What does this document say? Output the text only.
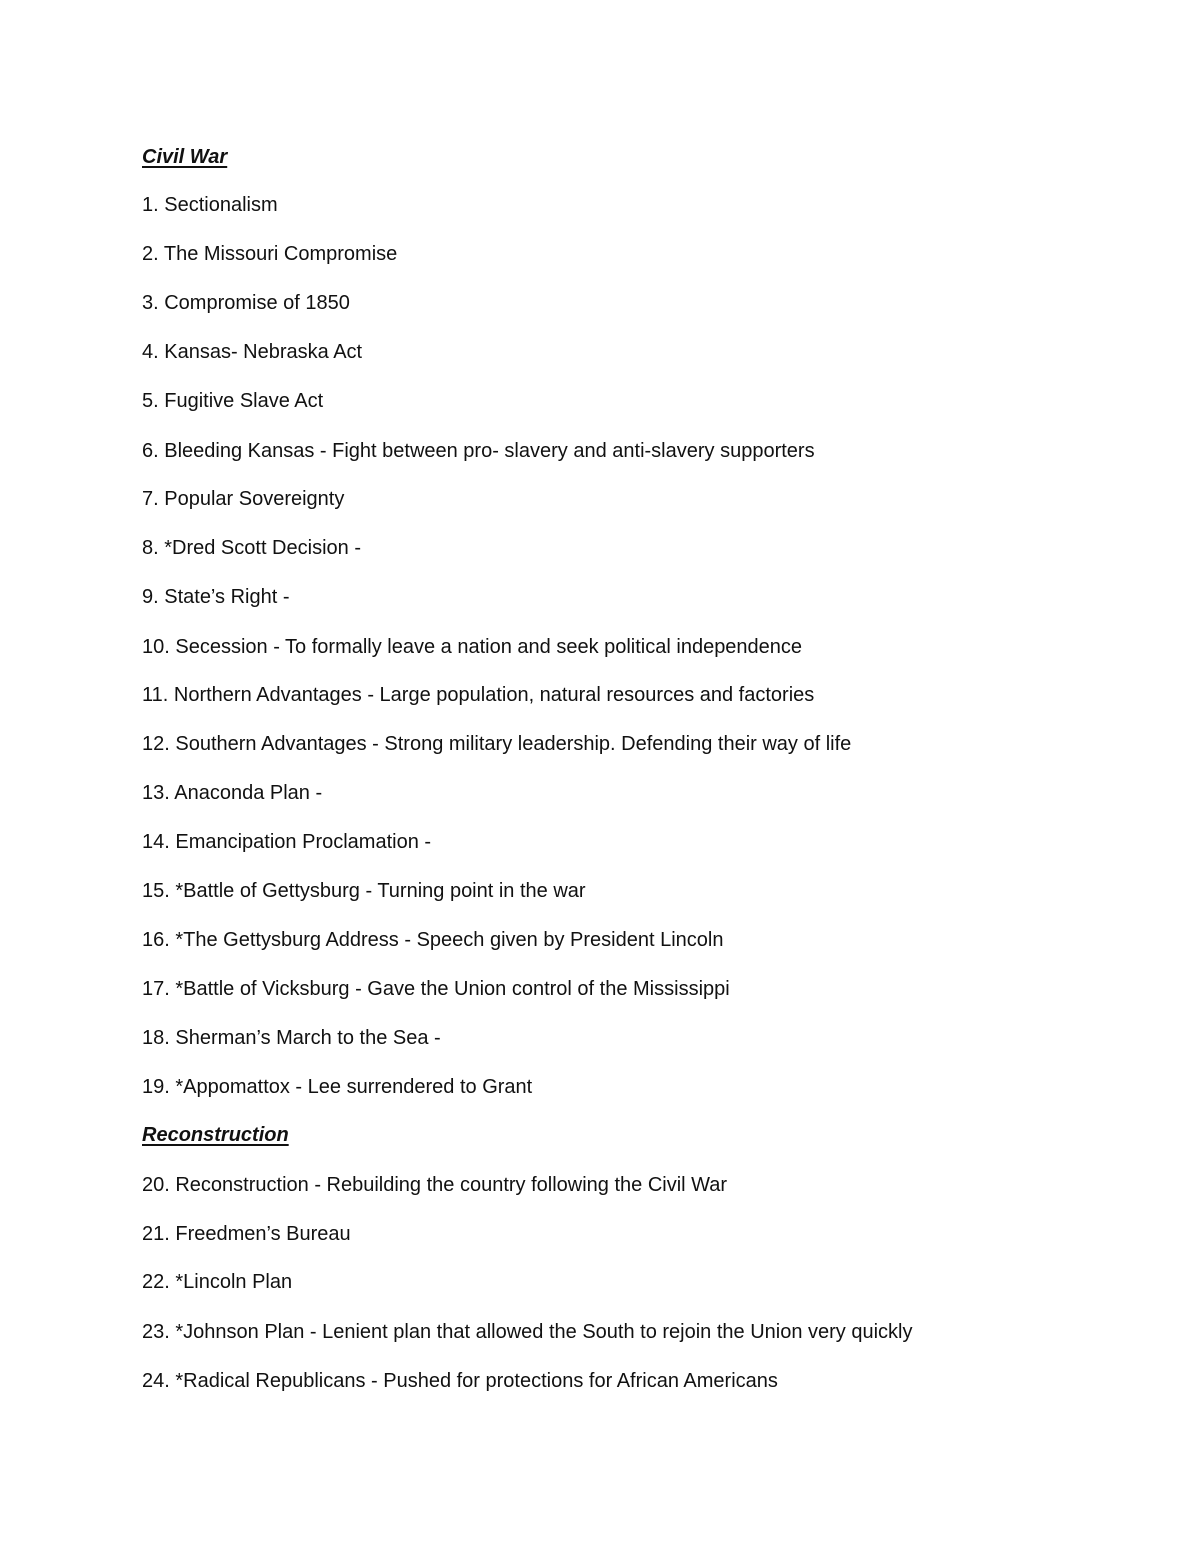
Civil War
1. Sectionalism
2. The Missouri Compromise
3. Compromise of 1850
4. Kansas- Nebraska Act
5. Fugitive Slave Act
6. Bleeding Kansas - Fight between pro- slavery and anti-slavery supporters
7. Popular Sovereignty
8. *Dred Scott Decision -
9. State’s Right -
10. Secession - To formally leave a nation and seek political independence
11. Northern Advantages - Large population, natural resources and factories
12. Southern Advantages - Strong military leadership. Defending their way of life
13. Anaconda Plan -
14. Emancipation Proclamation -
15. *Battle of Gettysburg - Turning point in the war
16. *The Gettysburg Address - Speech given by President Lincoln
17. *Battle of Vicksburg - Gave the Union control of the Mississippi
18. Sherman’s March to the Sea -
19. *Appomattox - Lee surrendered to Grant
Reconstruction
20. Reconstruction - Rebuilding the country following the Civil War
21. Freedmen’s Bureau
22. *Lincoln Plan
23. *Johnson Plan - Lenient plan that allowed the South to rejoin the Union very quickly
24. *Radical Republicans - Pushed for protections for African Americans
